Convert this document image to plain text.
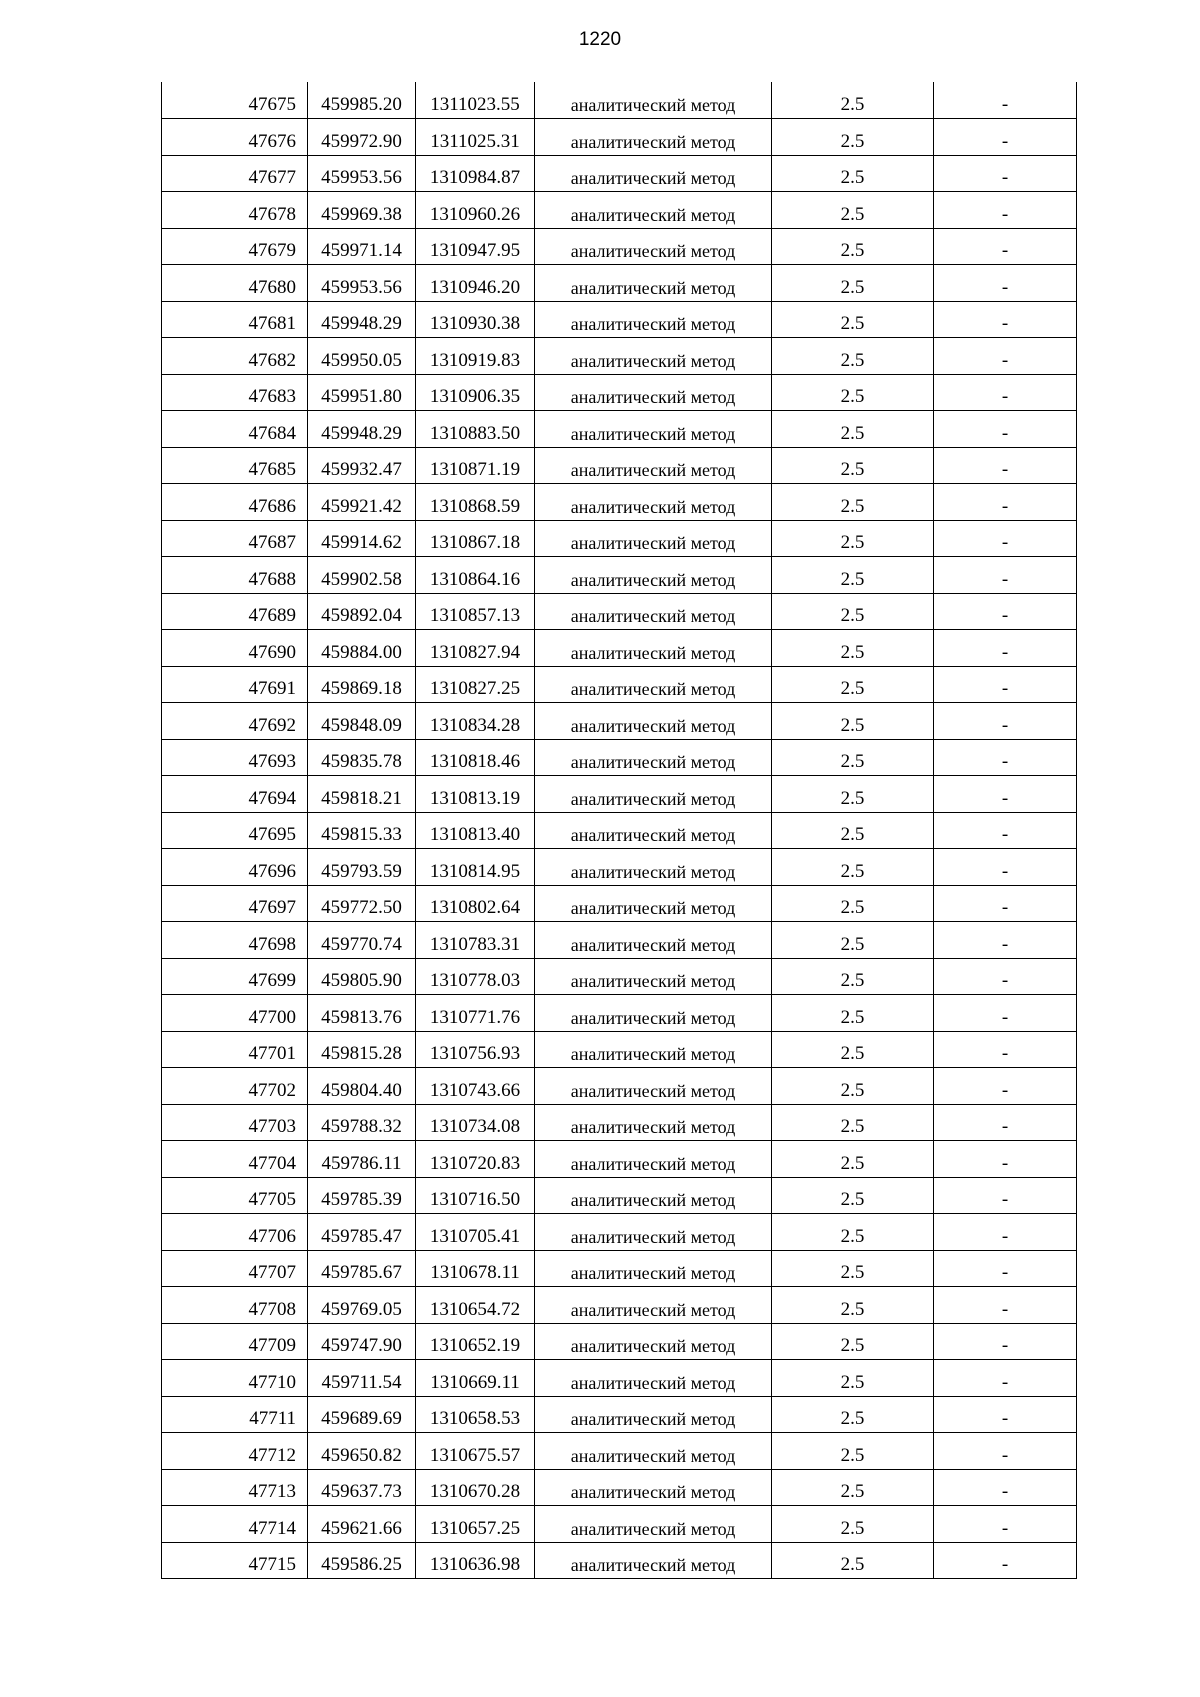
1220
47675	459985.20	1311023.55	аналитический метод	2.5	-
47676	459972.90	1311025.31	аналитический метод	2.5	-
47677	459953.56	1310984.87	аналитический метод	2.5	-
47678	459969.38	1310960.26	аналитический метод	2.5	-
47679	459971.14	1310947.95	аналитический метод	2.5	-
47680	459953.56	1310946.20	аналитический метод	2.5	-
47681	459948.29	1310930.38	аналитический метод	2.5	-
47682	459950.05	1310919.83	аналитический метод	2.5	-
47683	459951.80	1310906.35	аналитический метод	2.5	-
47684	459948.29	1310883.50	аналитический метод	2.5	-
47685	459932.47	1310871.19	аналитический метод	2.5	-
47686	459921.42	1310868.59	аналитический метод	2.5	-
47687	459914.62	1310867.18	аналитический метод	2.5	-
47688	459902.58	1310864.16	аналитический метод	2.5	-
47689	459892.04	1310857.13	аналитический метод	2.5	-
47690	459884.00	1310827.94	аналитический метод	2.5	-
47691	459869.18	1310827.25	аналитический метод	2.5	-
47692	459848.09	1310834.28	аналитический метод	2.5	-
47693	459835.78	1310818.46	аналитический метод	2.5	-
47694	459818.21	1310813.19	аналитический метод	2.5	-
47695	459815.33	1310813.40	аналитический метод	2.5	-
47696	459793.59	1310814.95	аналитический метод	2.5	-
47697	459772.50	1310802.64	аналитический метод	2.5	-
47698	459770.74	1310783.31	аналитический метод	2.5	-
47699	459805.90	1310778.03	аналитический метод	2.5	-
47700	459813.76	1310771.76	аналитический метод	2.5	-
47701	459815.28	1310756.93	аналитический метод	2.5	-
47702	459804.40	1310743.66	аналитический метод	2.5	-
47703	459788.32	1310734.08	аналитический метод	2.5	-
47704	459786.11	1310720.83	аналитический метод	2.5	-
47705	459785.39	1310716.50	аналитический метод	2.5	-
47706	459785.47	1310705.41	аналитический метод	2.5	-
47707	459785.67	1310678.11	аналитический метод	2.5	-
47708	459769.05	1310654.72	аналитический метод	2.5	-
47709	459747.90	1310652.19	аналитический метод	2.5	-
47710	459711.54	1310669.11	аналитический метод	2.5	-
47711	459689.69	1310658.53	аналитический метод	2.5	-
47712	459650.82	1310675.57	аналитический метод	2.5	-
47713	459637.73	1310670.28	аналитический метод	2.5	-
47714	459621.66	1310657.25	аналитический метод	2.5	-
47715	459586.25	1310636.98	аналитический метод	2.5	-
